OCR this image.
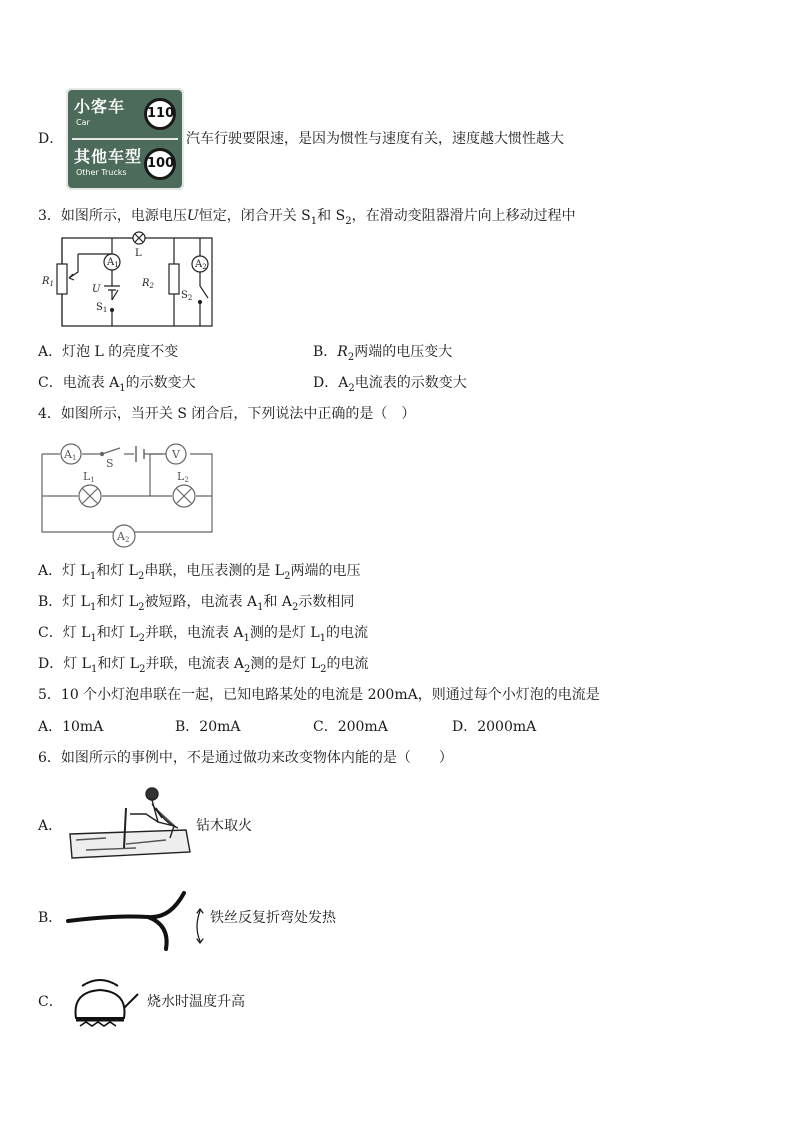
D．
小客车
Car
110
其他车型
Other Trucks
100
汽车行驶要限速，是因为惯性与速度有关，速度越大惯性越大
3．如图所示，电源电压U恒定，闭合开关 $S_1$和 $S_2$，在滑动变阻器滑片向上移动过程中
$A_1$
L
$R_1$	$R_2$
$A_2$
U
$S_1$
$S_2$
A．灯泡 L 的亮度不变	B．$R_2$两端的电压变大
C．电流表 $A_1$的示数变大	D．$A_2$电流表的示数变大
4．如图所示，当开关 S 闭合后，下列说法中正确的是（　）
A1	S
V
L1	L2
A2
A．灯 $L_1$和灯 $L_2$串联，电压表测的是 $L_2$两端的电压
B．灯 $L_1$和灯 $L_2$被短路，电流表 $A_1$和 $A_2$示数相同
C．灯 $L_1$和灯 $L_2$并联，电流表 $A_1$测的是灯 $L_1$的电流
D．灯 $L_1$和灯 $L_2$并联，电流表 $A_2$测的是灯 $L_2$的电流
5．10 个小灯泡串联在一起，已知电路某处的电流是 200mA，则通过每个小灯泡的电流是
A．10mA	B．20mA	C．200mA	D．2000mA
6．如图所示的事例中，不是通过做功来改变物体内能的是（　　）
A．	钻木取火
B．	铁丝反复折弯处发热
C．	烧水时温度升高
